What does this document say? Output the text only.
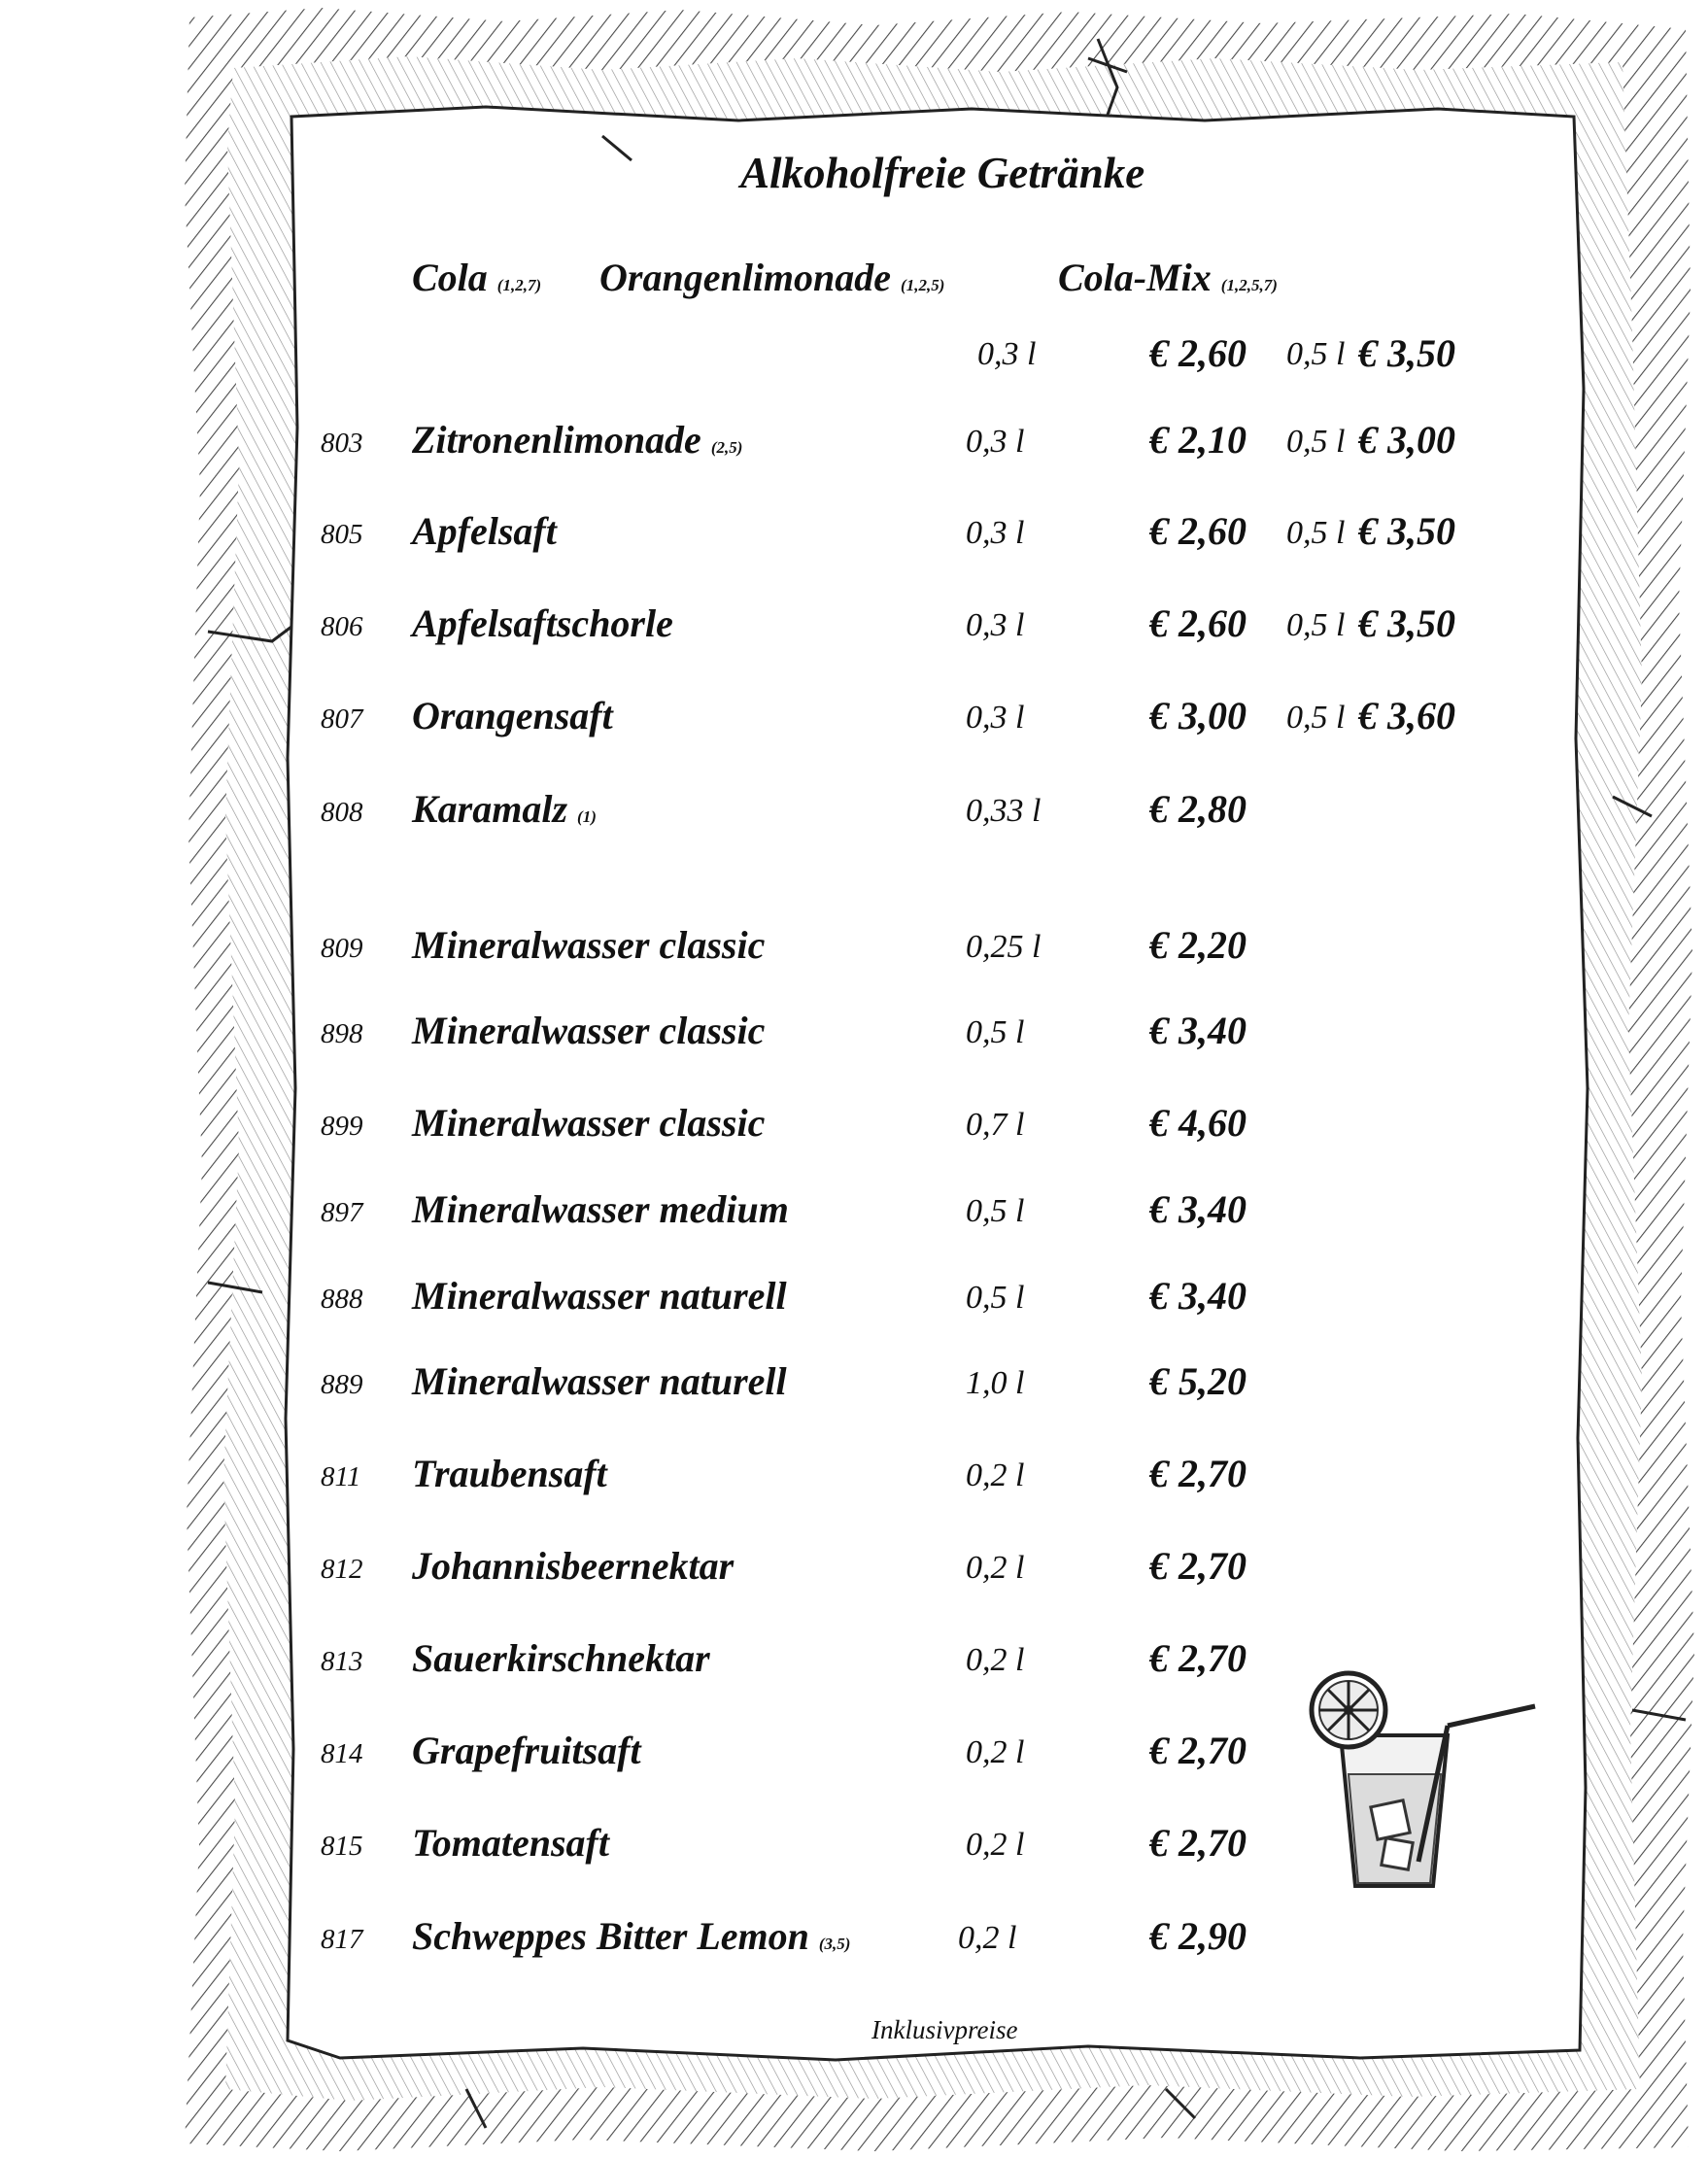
Alkoholfreie Getränke
Cola (1,2,7) Orangenlimonade (1,2,5)	Cola-Mix (1,2,5,7)
0,3 l	€ 2,60 0,5 l € 3,50
803 Zitronenlimonade (2,5)	0,3 l	€ 2,10 0,5 l € 3,00
805 Apfelsaft	0,3 l	€ 2,60 0,5 l € 3,50
806 Apfelsaftschorle	0,3 l	€ 2,60 0,5 l € 3,50
807 Orangensaft	0,3 l	€ 3,00 0,5 l € 3,60
808 Karamalz (1)	0,33 l	€ 2,80
809 Mineralwasser classic	0,25 l	€ 2,20
898 Mineralwasser classic	0,5 l	€ 3,40
899 Mineralwasser classic	0,7 l	€ 4,60
897 Mineralwasser medium	0,5 l	€ 3,40
888 Mineralwasser naturell	0,5 l	€ 3,40
889 Mineralwasser naturell	1,0 l	€ 5,20
811 Traubensaft	0,2 l	€ 2,70
812 Johannisbeernektar	0,2 l	€ 2,70
813 Sauerkirschnektar	0,2 l	€ 2,70
814 Grapefruitsaft	0,2 l	€ 2,70
815 Tomatensaft	0,2 l	€ 2,70
817 Schweppes Bitter Lemon (3,5)	0,2 l	€ 2,90
Inklusivpreise
